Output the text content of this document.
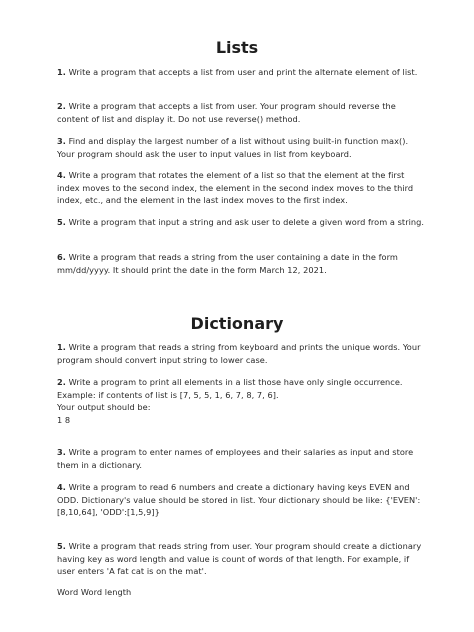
Lists

1. Write a program that accepts a list from user and print the alternate element of list.

2. Write a program that accepts a list from user. Your program should reverse the content of list and display it. Do not use reverse() method.

3. Find and display the largest number of a list without using built-in function max(). Your program should ask the user to input values in list from keyboard.

4. Write a program that rotates the element of a list so that the element at the first index moves to the second index, the element in the second index moves to the third index, etc., and the element in the last index moves to the first index.

5. Write a program that input a string and ask user to delete a given word from a string.

6. Write a program that reads a string from the user containing a date in the form mm/dd/yyyy. It should print the date in the form March 12, 2021.

Dictionary

1. Write a program that reads a string from keyboard and prints the unique words. Your program should convert input string to lower case.

2. Write a program to print all elements in a list those have only single occurrence. Example: if contents of list is [7, 5, 5, 1, 6, 7, 8, 7, 6].
Your output should be:
1 8

3. Write a program to enter names of employees and their salaries as input and store them in a dictionary.

4. Write a program to read 6 numbers and create a dictionary having keys EVEN and ODD. Dictionary's value should be stored in list. Your dictionary should be like: {'EVEN':[8,10,64], 'ODD':[1,5,9]}

5. Write a program that reads string from user. Your program should create a dictionary having key as word length and value is count of words of that length. For example, if user enters 'A fat cat is on the mat'.

Word Word length
